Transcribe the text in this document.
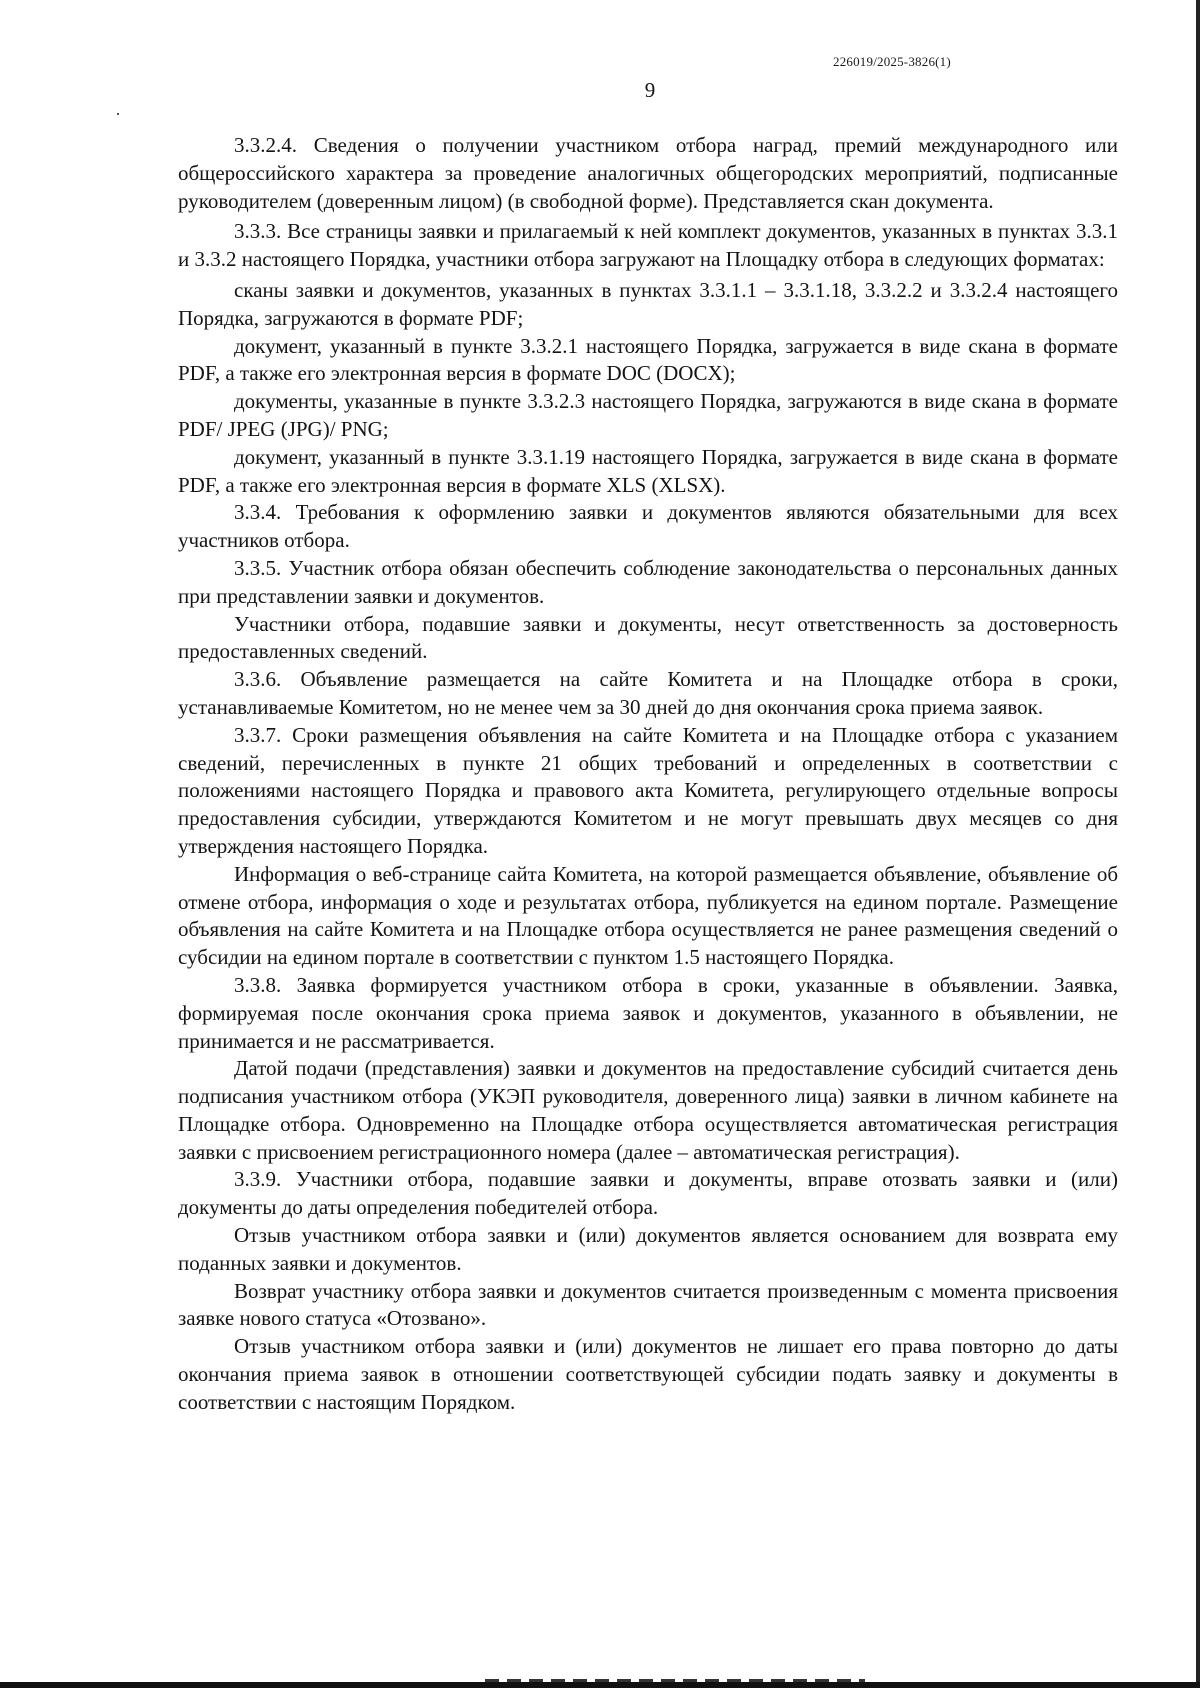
226019/2025-3826(1)
9

3.3.2.4. Сведения о получении участником отбора наград, премий международного или общероссийского характера за проведение аналогичных общегородских мероприятий, подписанные руководителем (доверенным лицом) (в свободной форме). Представляется скан документа.

3.3.3. Все страницы заявки и прилагаемый к ней комплект документов, указанных в пунктах 3.3.1 и 3.3.2 настоящего Порядка, участники отбора загружают на Площадку отбора в следующих форматах:

сканы заявки и документов, указанных в пунктах 3.3.1.1 – 3.3.1.18, 3.3.2.2 и 3.3.2.4 настоящего Порядка, загружаются в формате PDF;

документ, указанный в пункте 3.3.2.1 настоящего Порядка, загружается в виде скана в формате PDF, а также его электронная версия в формате DOC (DOCX);

документы, указанные в пункте 3.3.2.3 настоящего Порядка, загружаются в виде скана в формате PDF/ JPEG (JPG)/ PNG;

документ, указанный в пункте 3.3.1.19 настоящего Порядка, загружается в виде скана в формате PDF, а также его электронная версия в формате XLS (XLSX).

3.3.4. Требования к оформлению заявки и документов являются обязательными для всех участников отбора.

3.3.5. Участник отбора обязан обеспечить соблюдение законодательства о персональных данных при представлении заявки и документов.

Участники отбора, подавшие заявки и документы, несут ответственность за достоверность предоставленных сведений.

3.3.6. Объявление размещается на сайте Комитета и на Площадке отбора в сроки, устанавливаемые Комитетом, но не менее чем за 30 дней до дня окончания срока приема заявок.

3.3.7. Сроки размещения объявления на сайте Комитета и на Площадке отбора с указанием сведений, перечисленных в пункте 21 общих требований и определенных в соответствии с положениями настоящего Порядка и правового акта Комитета, регулирующего отдельные вопросы предоставления субсидии, утверждаются Комитетом и не могут превышать двух месяцев со дня утверждения настоящего Порядка.

Информация о веб-странице сайта Комитета, на которой размещается объявление, объявление об отмене отбора, информация о ходе и результатах отбора, публикуется на едином портале. Размещение объявления на сайте Комитета и на Площадке отбора осуществляется не ранее размещения сведений о субсидии на едином портале в соответствии с пунктом 1.5 настоящего Порядка.

3.3.8. Заявка формируется участником отбора в сроки, указанные в объявлении. Заявка, формируемая после окончания срока приема заявок и документов, указанного в объявлении, не принимается и не рассматривается.

Датой подачи (представления) заявки и документов на предоставление субсидий считается день подписания участником отбора (УКЭП руководителя, доверенного лица) заявки в личном кабинете на Площадке отбора. Одновременно на Площадке отбора осуществляется автоматическая регистрация заявки с присвоением регистрационного номера (далее – автоматическая регистрация).

3.3.9. Участники отбора, подавшие заявки и документы, вправе отозвать заявки и (или) документы до даты определения победителей отбора.

Отзыв участником отбора заявки и (или) документов является основанием для возврата ему поданных заявки и документов.

Возврат участнику отбора заявки и документов считается произведенным с момента присвоения заявке нового статуса «Отозвано».

Отзыв участником отбора заявки и (или) документов не лишает его права повторно до даты окончания приема заявок в отношении соответствующей субсидии подать заявку и документы в соответствии с настоящим Порядком.
